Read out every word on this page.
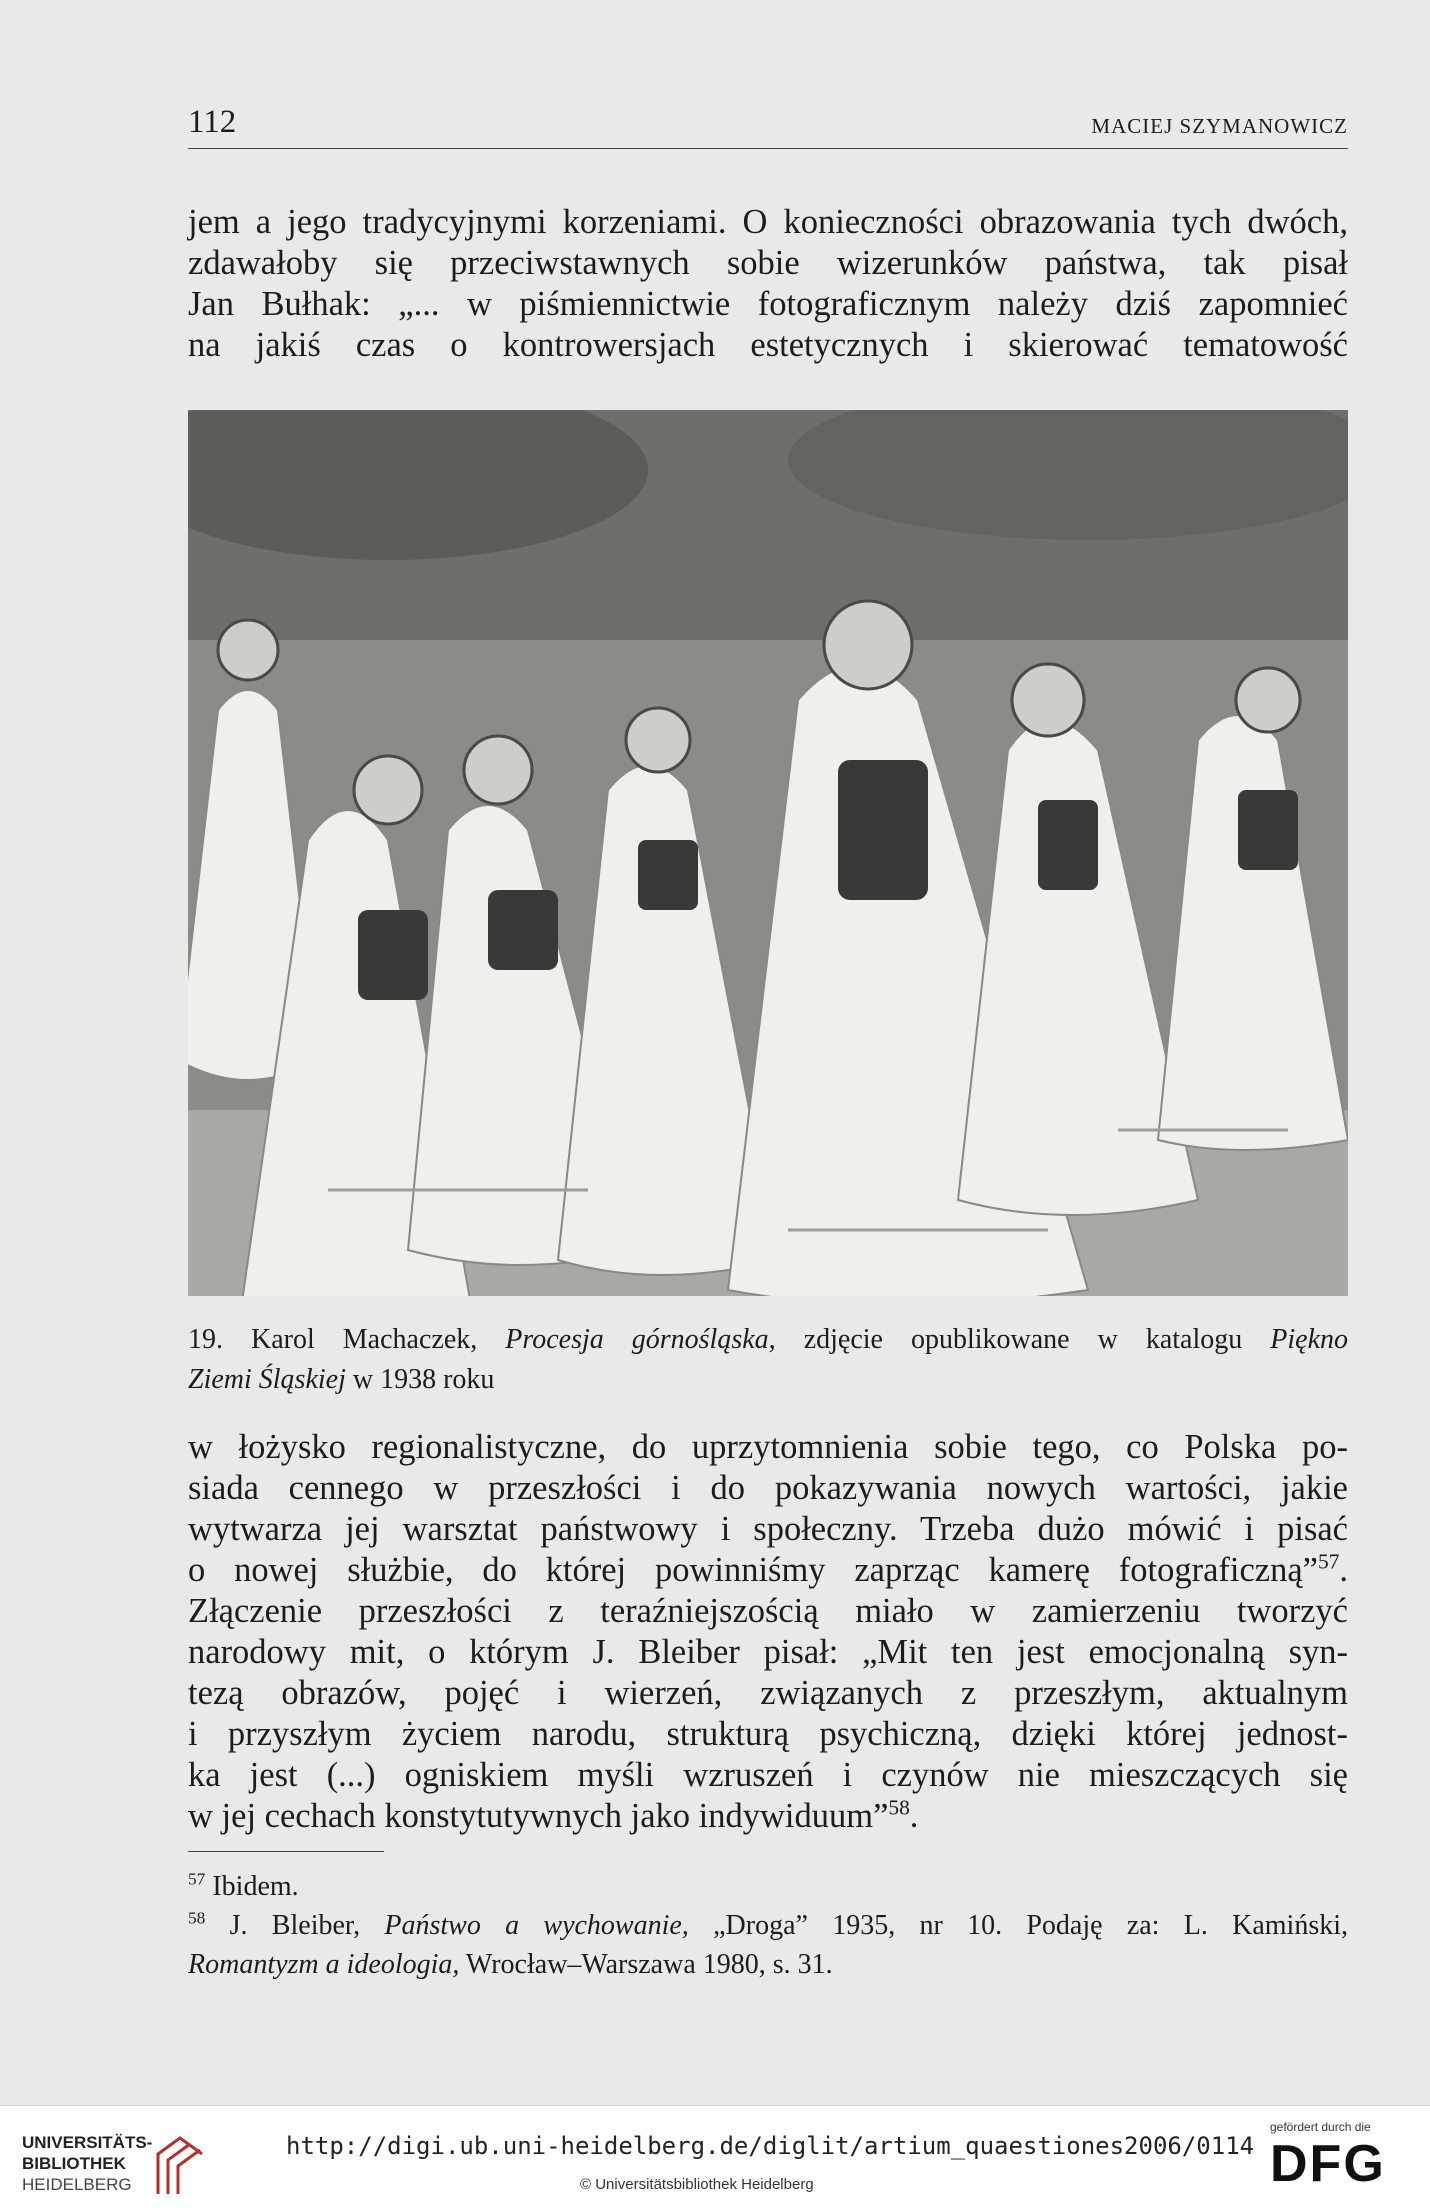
112	MACIEJ SZYMANOWICZ

jem a jego tradycyjnymi korzeniami. O konieczności obrazowania tych dwóch,
zdawałoby się przeciwstawnych sobie wizerunków państwa, tak pisał
Jan Bułhak: „... w piśmiennictwie fotograficznym należy dziś zapomnieć
na jakiś czas o kontrowersjach estetycznych i skierować tematowość

19. Karol Machaczek, Procesja górnośląska, zdjęcie opublikowane w katalogu Piękno
Ziemi Śląskiej w 1938 roku

w łożysko regionalistyczne, do uprzytomnienia sobie tego, co Polska po-
siada cennego w przeszłości i do pokazywania nowych wartości, jakie
wytwarza jej warsztat państwowy i społeczny. Trzeba dużo mówić i pisać
o nowej służbie, do której powinniśmy zaprząc kamerę fotograficzną”$^{57}$.
Złączenie przeszłości z teraźniejszością miało w zamierzeniu tworzyć
narodowy mit, o którym J. Bleiber pisał: „Mit ten jest emocjonalną syn-
tezą obrazów, pojęć i wierzeń, związanych z przeszłym, aktualnym
i przyszłym życiem narodu, strukturą psychiczną, dzięki której jednost-
ka jest (...) ogniskiem myśli wzruszeń i czynów nie mieszczących się
w jej cechach konstytutywnych jako indywiduum”$^{58}$.

$^{57}$ Ibidem.
$^{58}$ J. Bleiber, Państwo a wychowanie, „Droga” 1935, nr 10. Podaję za: L. Kamiński,
Romantyzm a ideologia, Wrocław–Warszawa 1980, s. 31.
UNIVERSITÄTS-
BIBLIOTHEK
HEIDELBERG
http://digi.ub.uni-heidelberg.de/diglit/artium_quaestiones2006/0114
© Universitätsbibliothek Heidelberg
gefördert durch die
DFG
